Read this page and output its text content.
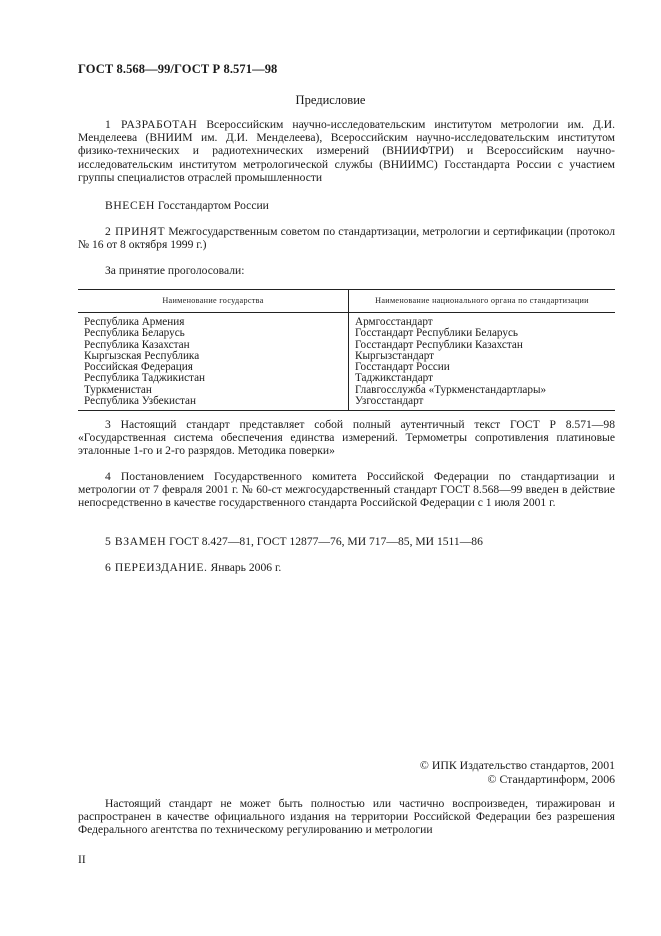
ГОСТ 8.568—99/ГОСТ Р 8.571—98
Предисловие
1 РАЗРАБОТАН Всероссийским научно-исследовательским институтом метрологии им. Д.И. Менделеева (ВНИИМ им. Д.И. Менделеева), Всероссийским научно-исследовательским институтом физико-технических и радиотехнических измерений (ВНИИФТРИ) и Всероссийским научно-исследовательским институтом метрологической службы (ВНИИМС) Госстандарта России с участием группы специалистов отраслей промышленности
ВНЕСЕН Госстандартом России
2 ПРИНЯТ Межгосударственным советом по стандартизации, метрологии и сертификации (протокол № 16 от 8 октября 1999 г.)
За принятие проголосовали:
Наименование государства	Наименование национального органа по стандартизации
Республика Армения	Армгосстандарт
Республика Беларусь	Госстандарт Республики Беларусь
Республика Казахстан	Госстандарт Республики Казахстан
Кыргызская Республика	Кыргызстандарт
Российская Федерация	Госстандарт России
Республика Таджикистан	Таджикстандарт
Туркменистан	Главгосслужба «Туркменстандартлары»
Республика Узбекистан	Узгосстандарт
3 Настоящий стандарт представляет собой полный аутентичный текст ГОСТ Р 8.571—98 «Государственная система обеспечения единства измерений. Термометры сопротивления платиновые эталонные 1-го и 2-го разрядов. Методика поверки»
4 Постановлением Государственного комитета Российской Федерации по стандартизации и метрологии от 7 февраля 2001 г. № 60-ст межгосударственный стандарт ГОСТ 8.568—99 введен в действие непосредственно в качестве государственного стандарта Российской Федерации с 1 июля 2001 г.
5 ВЗАМЕН ГОСТ 8.427—81, ГОСТ 12877—76, МИ 717—85, МИ 1511—86
6 ПЕРЕИЗДАНИЕ. Январь 2006 г.
© ИПК Издательство стандартов, 2001
© Стандартинформ, 2006
Настоящий стандарт не может быть полностью или частично воспроизведен, тиражирован и распространен в качестве официального издания на территории Российской Федерации без разрешения Федерального агентства по техническому регулированию и метрологии
II
